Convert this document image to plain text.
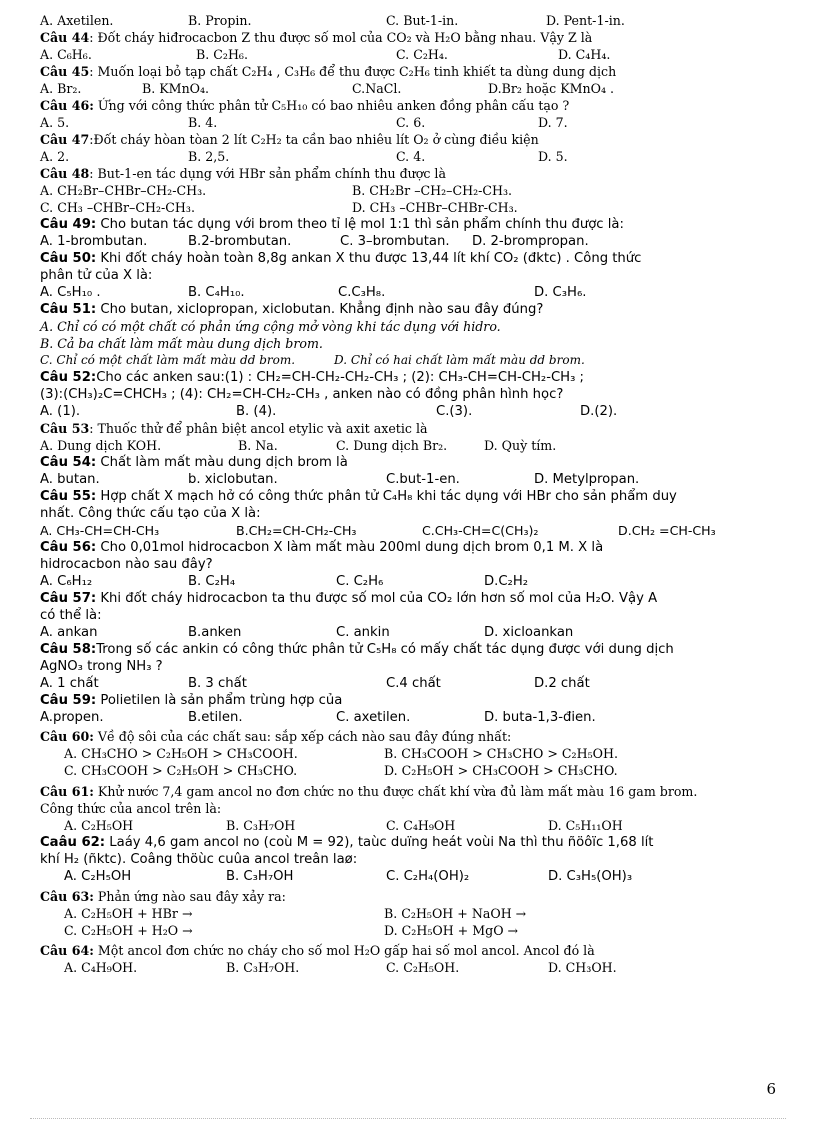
A. Axetilen.	B. Propin.	C. But-1-in.	D. Pent-1-in.
Câu 44: Đốt cháy hiđrocacbon Z thu được số mol của CO₂ và H₂O bằng nhau. Vậy Z là
A. C₆H₆.	B. C₂H₆.	C. C₂H₄.	D. C₄H₄.
Câu 45: Muốn loại bỏ tạp chất C₂H₄ , C₃H₆ để thu được C₂H₆ tinh khiết ta dùng dung dịch
A. Br₂.	B. KMnO₄.	C.NaCl.	D.Br₂ hoặc KMnO₄ .
Câu 46: Ứng với công thức phân tử C₅H₁₀ có bao nhiêu anken đồng phân cấu tạo ?
A. 5.	B. 4.	C. 6.	D. 7.
Câu 47:Đốt cháy hòan tòan 2 lít C₂H₂ ta cần bao nhiêu lít O₂ ở cùng điều kiện
A. 2.	B. 2,5.	C. 4.	D. 5.
Câu 48: But-1-en tác dụng với HBr sản phẩm chính thu được là
A. CH₂Br–CHBr–CH₂-CH₃.	B. CH₂Br –CH₂–CH₂-CH₃.
C. CH₃ –CHBr–CH₂-CH₃.	D. CH₃ –CHBr–CHBr-CH₃.
Câu 49: Cho butan tác dụng với brom theo tỉ lệ mol 1:1 thì sản phẩm chính thu được là:
A. 1-brombutan.	B.2-brombutan.	C. 3–brombutan. D. 2-brompropan.
Câu 50: Khi đốt cháy hoàn toàn 8,8g ankan X thu được 13,44 lít khí CO₂ (đktc) . Công thức
phân tử của X là:
A. C₅H₁₀ .	B. C₄H₁₀.	C.C₃H₈.	D. C₃H₆.
Câu 51: Cho butan, xiclopropan, xiclobutan. Khẳng định nào sau đây đúng?
A. Chỉ có có một chất có phản ứng cộng mở vòng khi tác dụng với hidro.
B. Cả ba chất làm mất màu dung dịch brom.
C. Chỉ có một chất làm mất màu dd brom.	D. Chỉ có hai chất làm mất màu dd brom.
Câu 52:Cho các anken sau:(1) : CH₂=CH-CH₂-CH₂-CH₃ ; (2): CH₃-CH=CH-CH₂-CH₃ ;
(3):(CH₃)₂C=CHCH₃ ; (4): CH₂=CH-CH₂-CH₃ , anken nào có đồng phân hình học?
A. (1).	B. (4).	C.(3).	D.(2).
Câu 53: Thuốc thử để phân biệt ancol etylic và axit axetic là
A. Dung dịch KOH.	B. Na.	C. Dung dịch Br₂.	D. Quỳ tím.
Câu 54: Chất làm mất màu dung dịch brom là
A. butan.	b. xiclobutan.	C.but-1-en.	D. Metylpropan.
Câu 55: Hợp chất X mạch hở có công thức phân tử C₄H₈ khi tác dụng với HBr cho sản phẩm duy
nhất. Công thức cấu tạo của X là:
A. CH₃-CH=CH-CH₃	B.CH₂=CH-CH₂-CH₃	C.CH₃-CH=C(CH₃)₂	D.CH₂ =CH-CH₃
Câu 56: Cho 0,01mol hidrocacbon X làm mất màu 200ml dung dịch brom 0,1 M. X là
hidrocacbon nào sau đây?
A. C₆H₁₂	B. C₂H₄	C. C₂H₆	D.C₂H₂
Câu 57: Khi đốt cháy hidrocacbon ta thu được số mol của CO₂ lớn hơn số mol của H₂O. Vậy A
có thể là:
A. ankan	B.anken	C. ankin	D. xicloankan
Câu 58:Trong số các ankin có công thức phân tử C₅H₈ có mấy chất tác dụng được với dung dịch
AgNO₃ trong NH₃ ?
A. 1 chất	B. 3 chất	C.4 chất	D.2 chất
Câu 59: Polietilen là sản phẩm trùng hợp của
A.propen.	B.etilen.	C. axetilen.	D. buta-1,3-đien.
Câu 60: Về độ sôi của các chất sau: sắp xếp cách nào sau đây đúng nhất:
A. CH₃CHO > C₂H₅OH > CH₃COOH.	B. CH₃COOH > CH₃CHO > C₂H₅OH.
C. CH₃COOH > C₂H₅OH > CH₃CHO.	D. C₂H₅OH > CH₃COOH > CH₃CHO.
Câu 61: Khử nước 7,4 gam ancol no đơn chức no thu được chất khí vừa đủ làm mất màu 16 gam brom.
Công thức của ancol trên là:
A. C₂H₅OH	B. C₃H₇OH	C. C₄H₉OH	D. C₅H₁₁OH
Caâu 62: Laáy 4,6 gam ancol no (coù M = 92), taùc duïng heát voùi Na thì thu ñöôïc 1,68 lít
khí H₂ (ñktc). Coâng thöùc cuûa ancol treân laø:
A. C₂H₅OH	B. C₃H₇OH	C. C₂H₄(OH)₂	D. C₃H₅(OH)₃
Câu 63: Phản ứng nào sau đây xảy ra:
A. C₂H₅OH + HBr →	B. C₂H₅OH + NaOH →
C. C₂H₅OH + H₂O →	D. C₂H₅OH + MgO →
Câu 64: Một ancol đơn chức no cháy cho số mol H₂O gấp hai số mol ancol. Ancol đó là
A. C₄H₉OH.	B. C₃H₇OH.	C. C₂H₅OH.	D. CH₃OH.
6
